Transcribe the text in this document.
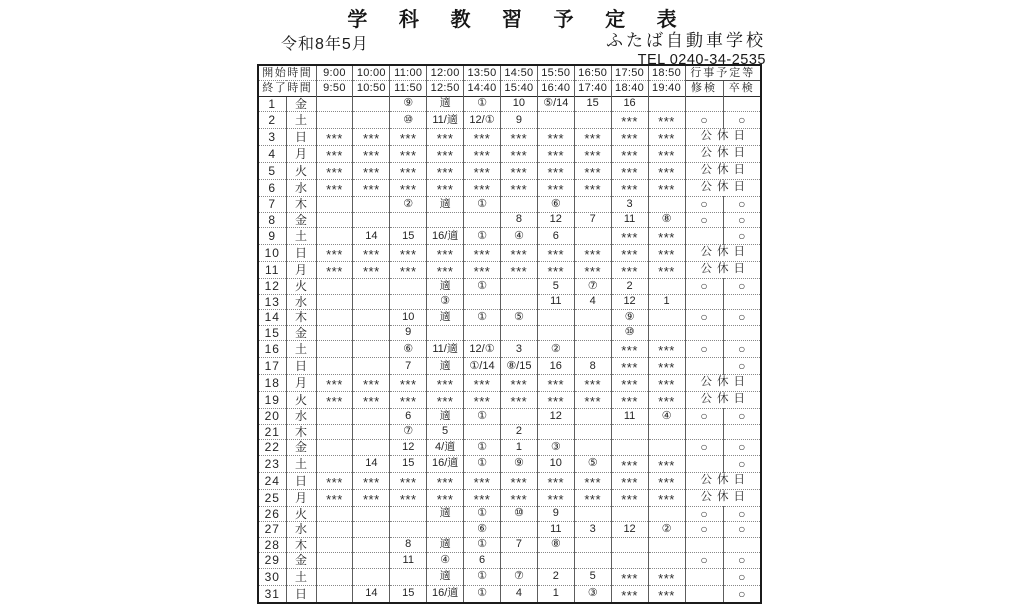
学 科 教 習 予 定 表
令和8年5月	ふたば自動車学校
TEL 0240-34-2535
開始時間		9:00	10:00	11:00	12:00	13:50	14:50	15:50	16:50	17:50	18:50	行事予定等	
終了時間		9:50	10:50	11:50	12:50	14:40	15:40	16:40	17:40	18:40	19:40	修検	卒検
1	金			⑨	適	①	10	⑤/14	15	16			
2	土			⑩	11/適	12/①	9			***	***	○	○
3	日	***	***	***	***	***	***	***	***	***	***	公休日	
4	月	***	***	***	***	***	***	***	***	***	***	公休日	
5	火	***	***	***	***	***	***	***	***	***	***	公休日	
6	水	***	***	***	***	***	***	***	***	***	***	公休日	
7	木			②	適	①		⑥		3		○	○
8	金						8	12	7	11	⑧	○	○
9	土		14	15	16/適	①	④	6		***	***		○
10	日	***	***	***	***	***	***	***	***	***	***	公休日	
11	月	***	***	***	***	***	***	***	***	***	***	公休日	
12	火				適	①		5	⑦	2		○	○
13	水				③			11	4	12	1		
14	木			10	適	①	⑤			⑨		○	○
15	金			9						⑩			
16	土			⑥	11/適	12/①	3	②		***	***	○	○
17	日			7	適	①/14	⑧/15	16	8	***	***		○
18	月	***	***	***	***	***	***	***	***	***	***	公休日	
19	火	***	***	***	***	***	***	***	***	***	***	公休日	
20	水			6	適	①		12		11	④	○	○
21	木			⑦	5		2						
22	金			12	4/適	①	1	③				○	○
23	土		14	15	16/適	①	⑨	10	⑤	***	***		○
24	日	***	***	***	***	***	***	***	***	***	***	公休日	
25	月	***	***	***	***	***	***	***	***	***	***	公休日	
26	火				適	①	⑩	9				○	○
27	水					⑥		11	3	12	②	○	○
28	木			8	適	①	7	⑧					
29	金			11	④	6						○	○
30	土				適	①	⑦	2	5	***	***		○
31	日		14	15	16/適	①	4	1	③	***	***		○
